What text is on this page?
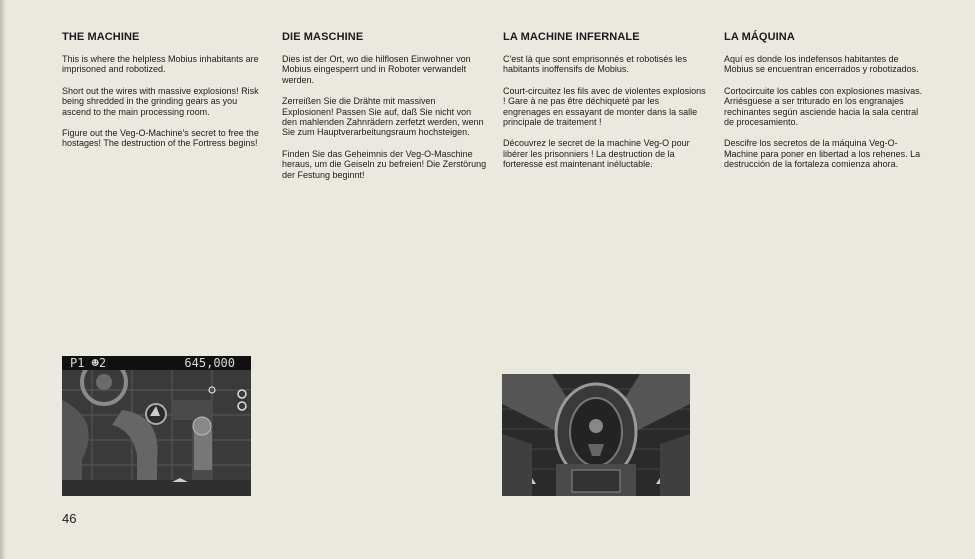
THE MACHINE

This is where the helpless Mobius inhabitants are imprisoned and robotized.

Short out the wires with massive explosions! Risk being shredded in the grinding gears as you ascend to the main processing room.

Figure out the Veg-O-Machine's secret to free the hostages! The destruction of the Fortress begins!

DIE MASCHINE

Dies ist der Ort, wo die hilflosen Einwohner von Mobius eingesperrt und in Roboter verwandelt werden.

Zerreißen Sie die Drähte mit massiven Explosionen! Passen Sie auf, daß Sie nicht von den mahlenden Zahnrädern zerfetzt werden, wenn Sie zum Hauptverarbeitungsraum hochsteigen.

Finden Sie das Geheimnis der Veg-O-Maschine heraus, um die Geiseln zu befreien! Die Zerstörung der Festung beginnt!

LA MACHINE INFERNALE

C'est là que sont emprisonnés et robotisés les habitants inoffensifs de Mobius.

Court-circuitez les fils avec de violentes explosions ! Gare à ne pas être déchiqueté par les engrenages en essayant de monter dans la salle principale de traitement !

Découvrez le secret de la machine Veg-O pour libérer les prisonniers ! La destruction de la forteresse est maintenant inéluctable.

LA MÁQUINA

Aquí es donde los indefensos habitantes de Mobius se encuentran encerrados y robotizados.

Cortocircuite los cables con explosiones masivas. Arriésguese a ser triturado en los engranajes rechinantes según asciende hacia la sala central de procesamiento.

Descifre los secretos de la máquina Veg-O-Machine para poner en libertad a los rehenes. La destrucción de la fortaleza comienza ahora.

P1 ☻2	645,000
46
